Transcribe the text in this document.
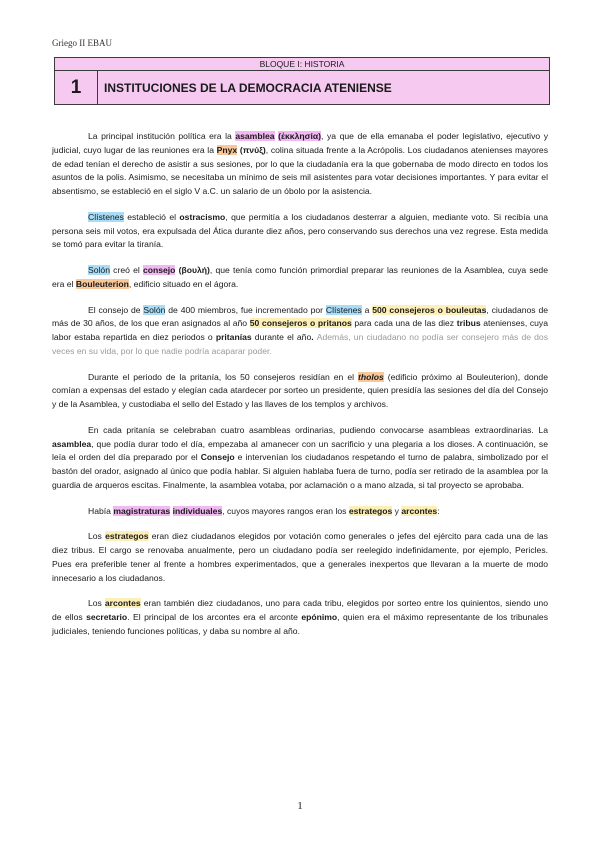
Griego II EBAU
BLOQUE I: HISTORIA
1	INSTITUCIONES DE LA DEMOCRACIA ATENIENSE

La principal institución política era la asamblea (ἐκκλησία), ya que de ella emanaba el poder legislativo, ejecutivo y judicial, cuyo lugar de las reuniones era la Pnyx (πνύξ), colina situada frente a la Acrópolis. Los ciudadanos atenienses mayores de edad tenían el derecho de asistir a sus sesiones, por lo que la ciudadanía era la que gobernaba de modo directo en todos los asuntos de la polis. Asimismo, se necesitaba un mínimo de seis mil asistentes para votar decisiones importantes. Y para evitar el absentismo, se estableció en el siglo V a.C. un salario de un óbolo por la asistencia.

Clístenes estableció el ostracismo, que permitía a los ciudadanos desterrar a alguien, mediante voto. Si recibía una persona seis mil votos, era expulsada del Ática durante diez años, pero conservando sus derechos una vez regrese. Esta medida se tomó para evitar la tiranía.

Solón creó el consejo (βουλή), que tenía como función primordial preparar las reuniones de la Asamblea, cuya sede era el Bouleuterion, edificio situado en el ágora.

El consejo de Solón de 400 miembros, fue incrementado por Clístenes a 500 consejeros o bouleutas, ciudadanos de más de 30 años, de los que eran asignados al año 50 consejeros o pritanos para cada una de las diez tribus atenienses, cuya labor estaba repartida en diez periodos o pritanías durante el año. Además, un ciudadano no podía ser consejero más de dos veces en su vida, por lo que nadie podría acaparar poder.

Durante el periodo de la pritanía, los 50 consejeros residían en el tholos (edificio próximo al Bouleuterion), donde comían a expensas del estado y elegían cada atardecer por sorteo un presidente, quien presidía las sesiones del día del Consejo y de la Asamblea, y custodiaba el sello del Estado y las llaves de los templos y archivos.

En cada pritanía se celebraban cuatro asambleas ordinarias, pudiendo convocarse asambleas extraordinarias. La asamblea, que podía durar todo el día, empezaba al amanecer con un sacrificio y una plegaria a los dioses. A continuación, se leía el orden del día preparado por el Consejo e intervenían los ciudadanos respetando el turno de palabra, simbolizado por el bastón del orador, asignado al único que podía hablar. Si alguien hablaba fuera de turno, podía ser retirado de la asamblea por la guardia de arqueros escitas. Finalmente, la asamblea votaba, por aclamación o a mano alzada, si tal proyecto se aprobaba.

Había magistraturas individuales, cuyos mayores rangos eran los estrategos y arcontes:

Los estrategos eran diez ciudadanos elegidos por votación como generales o jefes del ejército para cada una de las diez tribus. El cargo se renovaba anualmente, pero un ciudadano podía ser reelegido indefinidamente, por ejemplo, Pericles. Pues era preferible tener al frente a hombres experimentados, que a generales inexpertos que llevaran a la muerte de modo innecesario a los ciudadanos.

Los arcontes eran también diez ciudadanos, uno para cada tribu, elegidos por sorteo entre los quinientos, siendo uno de ellos secretario. El principal de los arcontes era el arconte epónimo, quien era el máximo representante de los tribunales judiciales, teniendo funciones políticas, y daba su nombre al año.

1
